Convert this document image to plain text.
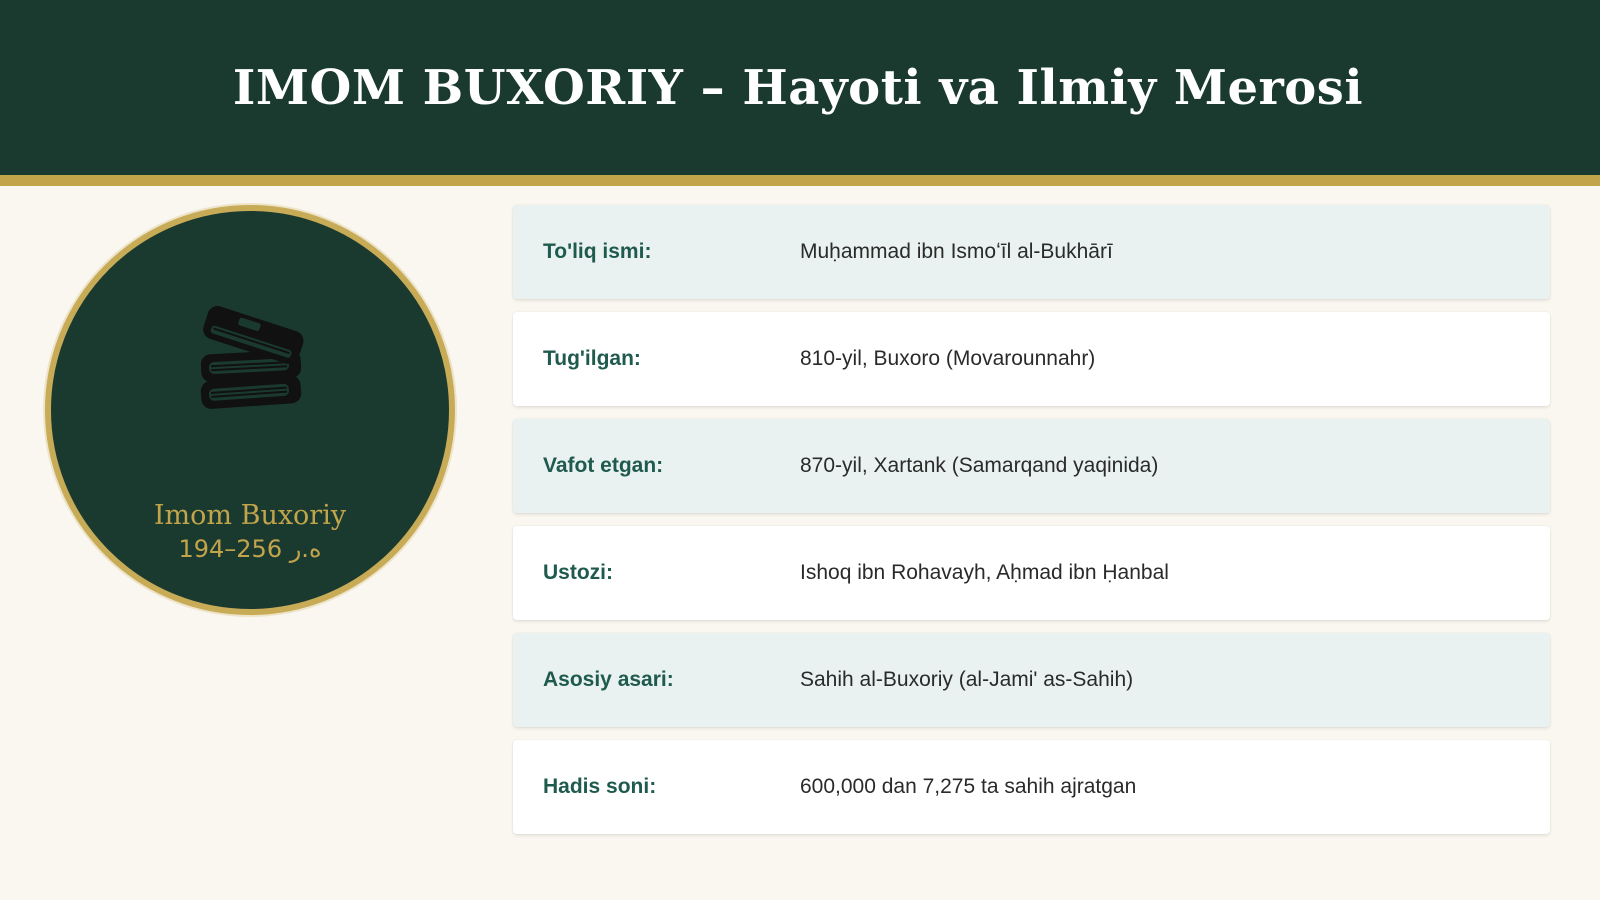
IMOM BUXORIY – Hayoti va Ilmiy Merosi
Imom Buxoriy
194–256 ه.ر
To'liq ismi:	Muḥammad ibn Ismoʻīl al-Bukhārī
Tug'ilgan:	810-yil, Buxoro (Movarounnahr)
Vafot etgan:	870-yil, Xartank (Samarqand yaqinida)
Ustozi:	Ishoq ibn Rohavayh, Aḥmad ibn Ḥanbal
Asosiy asari:	Sahih al-Buxoriy (al-Jami' as-Sahih)
Hadis soni:	600,000 dan 7,275 ta sahih ajratgan
